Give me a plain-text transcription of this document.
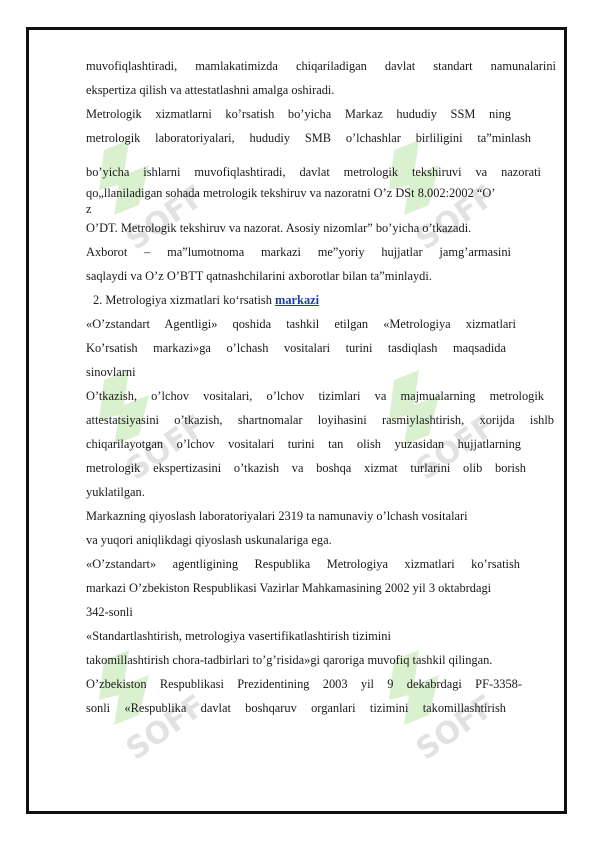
SOFF	SOFF
SOFF	SOFF
SOFF	SOFF
muvofiqlashtiradi, mamlakatimizda chiqariladigan davlat standart namunalarini
ekspertiza qilish va attestatlashni amalga oshiradi.
Metrologik xizmatlarni ko’rsatish bo’yicha Markaz hududiy SSM ning
metrologik laboratoriyalari, hududiy SMB o’lchashlar birliligini ta”minlash
bo’yicha ishlarni muvofiqlashtiradi, davlat metrologik tekshiruvi va nazorati
qo„llaniladigan sohada metrologik tekshiruv va nazoratni O’z DSt 8.002:2002 “O’
z
O’DT. Metrologik tekshiruv va nazorat. Asosiy nizomlar” bo’yicha o’tkazadi.
Axborot – ma”lumotnoma markazi me”yoriy hujjatlar jamg’armasini
saqlaydi va O’z O’BTT qatnashchilarini axborotlar bilan ta”minlaydi.
2. Metrologiya xizmatlari koʻrsatish markazi
«O’zstandart Agentligi» qoshida tashkil etilgan «Metrologiya xizmatlari
Ko’rsatish markazi»ga o’lchash vositalari turini tasdiqlash maqsadida
sinovlarni
O’tkazish, o’lchov vositalari, o’lchov tizimlari va majmualarning metrologik
attestatsiyasini o’tkazish, shartnomalar loyihasini rasmiylashtirish, xorijda ishlb
chiqarilayotgan o’lchov vositalari turini tan olish yuzasidan hujjatlarning
metrologik ekspertizasini o’tkazish va boshqa xizmat turlarini olib borish
yuklatilgan.
Markazning qiyoslash laboratoriyalari 2319 ta namunaviy o’lchash vositalari
va yuqori aniqlikdagi qiyoslash uskunalariga ega.
«O’zstandart» agentligining Respublika Metrologiya xizmatlari ko’rsatish
markazi O’zbekiston Respublikasi Vazirlar Mahkamasining 2002 yil 3 oktabrdagi
342-sonli
«Standartlashtirish, metrologiya vasertifikatlashtirish tizimini
takomillashtirish chora-tadbirlari to’g’risida»gi qaroriga muvofiq tashkil qilingan.
O’zbekiston Respublikasi Prezidentining 2003 yil 9 dekabrdagi PF-3358-
sonli «Respublika davlat boshqaruv organlari tizimini takomillashtirish
